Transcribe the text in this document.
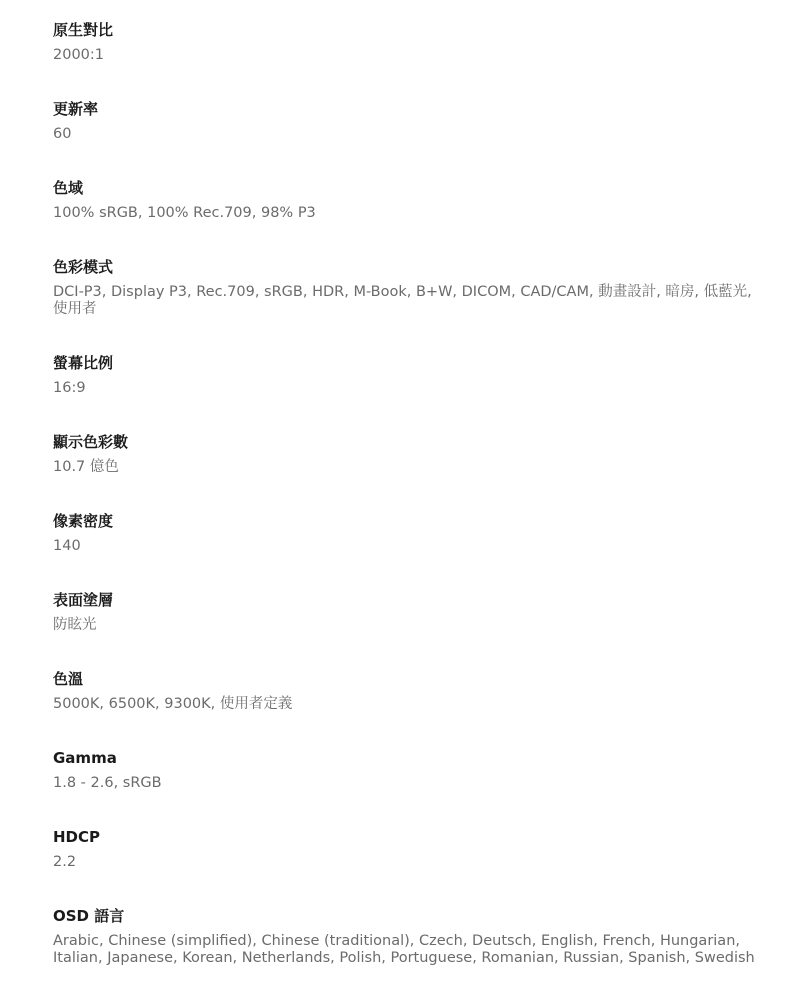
原生對比
2000:1
更新率
60
色域
100% sRGB, 100% Rec.709, 98% P3
色彩模式
DCI-P3, Display P3, Rec.709, sRGB, HDR, M-Book, B+W, DICOM, CAD/CAM, 動畫設計, 暗房, 低藍光, 使用者
螢幕比例
16:9
顯示色彩數
10.7 億色
像素密度
140
表面塗層
防眩光
色溫
5000K, 6500K, 9300K, 使用者定義
Gamma
1.8 - 2.6, sRGB
HDCP
2.2
OSD 語言
Arabic, Chinese (simplified), Chinese (traditional), Czech, Deutsch, English, French, Hungarian, Italian, Japanese, Korean, Netherlands, Polish, Portuguese, Romanian, Russian, Spanish, Swedish
